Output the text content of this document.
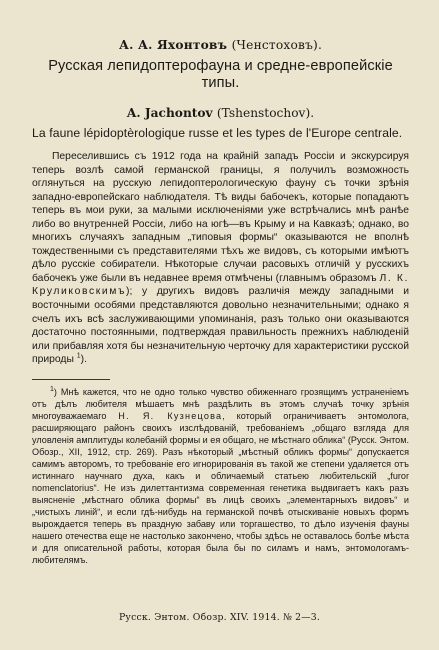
А. А. Яхонтовъ (Ченстоховъ).

Русская лепидоптерофауна и средне-европейскіе типы.

A. Jachontov (Tshenstochov).

La faune lépidoptèrologique russe et les types de l'Europe centrale.

Переселившись съ 1912 года на крайній западъ Россіи и экскурсируя теперь возлѣ самой германской границы, я получилъ возможность оглянуться на русскую лепидоптерологическую фауну съ точки зрѣнія западно-европейскаго наблюдателя. Тѣ виды бабочекъ, которые попадаютъ теперь въ мои руки, за малыми исключеніями уже встрѣчались мнѣ ранѣе либо во внутренней Россіи, либо на югѣ—въ Крыму и на Кавказѣ; однако, во многихъ случаяхъ западным „типовыя формы“ оказываются не вполнѣ тождественными съ представителями тѣхъ же видовъ, съ которыми имѣютъ дѣло русскіе собиратели. Нѣкоторые случаи расовыхъ отличій у русскихъ бабочекъ уже были въ недавнее время отмѣчены (главнымъ образомъ Л. К. Круликовскимъ); у другихъ видовъ различія между западными и восточными особями представляются довольно незначительными; однако я счелъ ихъ всѣ заслуживающими упоминанія, разъ только они оказываются достаточно постоянными, подтверждая правильность прежнихъ наблюденій или прибавляя хотя бы незначительную черточку для характеристики русской природы $^1$).

$^1$) Мнѣ кажется, что не одно только чувство обиженнаго грозящимъ устраненіемъ отъ дѣлъ любителя мѣшаетъ мнѣ раздѣлить въ этомъ случаѣ точку зрѣнія многоуважаемаго Н. Я. Кузнецова, который ограничиваетъ энтомолога, расширяющаго районъ своихъ изслѣдованій, требованіемъ „общаго взгляда для уловленія амплитуды колебаній формы и ея общаго, не мѣстнаго облика“ (Русск. Энтом. Обозр., XII, 1912, стр. 269). Разъ нѣкоторый „мѣстный обликъ формы“ допускается самимъ авторомъ, то требованіе его игнорированія въ такой же степени удаляется отъ истиннаго научнаго духа, какъ и обличаемый статьею любительскій „furor nomenclatorius“. Не изъ дилеттантизма современная генетика выдвигаетъ какъ разъ выясненіе „мѣстнаго облика формы“ въ лицѣ своихъ „элементарныхъ видовъ“ и „чистыхъ линій“, и если гдѣ-нибудь на германской почвѣ отыскиваніе новыхъ формъ вырождается теперь въ праздную забаву или торгашество, то дѣло изученія фауны нашего отечества еще не настолько закончено, чтобы здѣсь не оставалось болѣе мѣста и для описательной работы, которая была бы по силамъ и намъ, энтомологамъ-любителямъ.

Русск. Энтом. Обозр. XIV. 1914. № 2—3.
